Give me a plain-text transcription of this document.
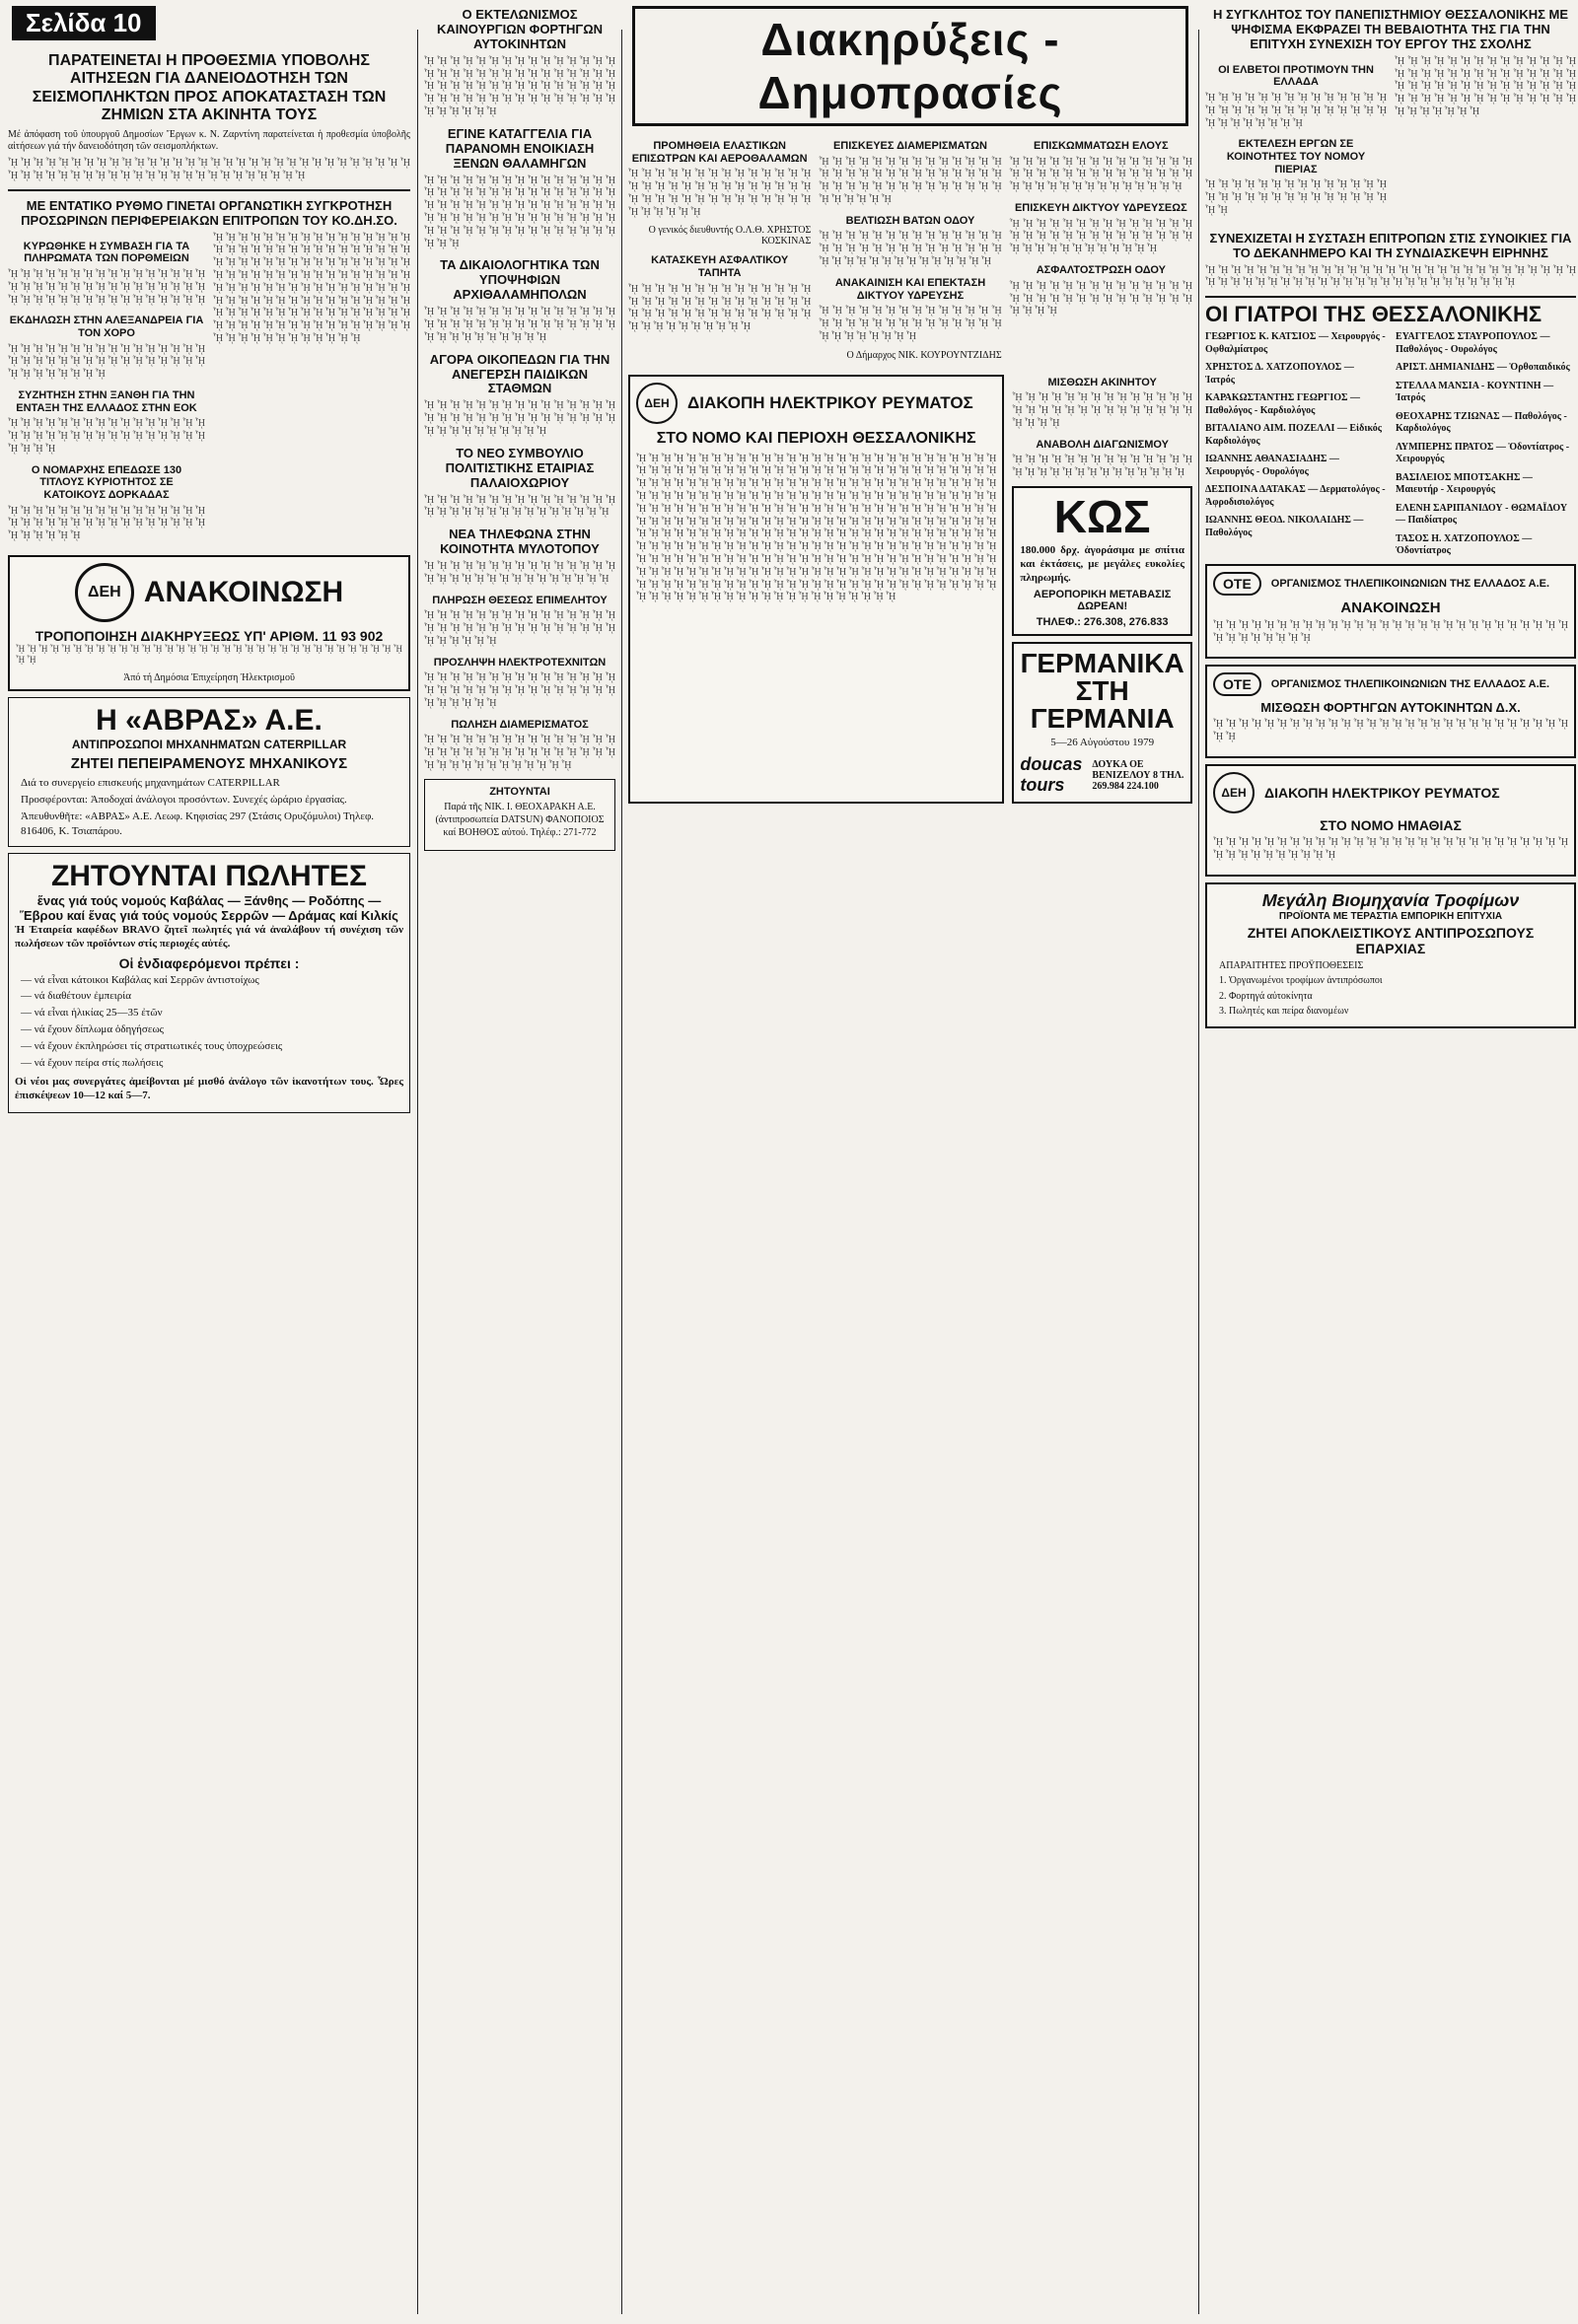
Σελίδα 10
ΠΑΡΑΤΕΙΝΕΤΑΙ Η ΠΡΟΘΕΣΜΙΑ ΥΠΟΒΟΛΗΣ ΑΙΤΗΣΕΩΝ ΓΙΑ ΔΑΝΕΙΟΔΟΤΗΣΗ ΤΩΝ ΣΕΙΣΜΟΠΛΗΚΤΩΝ ΠΡΟΣ ΑΠΟΚΑΤΑΣΤΑΣΗ ΤΩΝ ΖΗΜΙΩΝ ΣΤΑ ΑΚΙΝΗΤΑ ΤΟΥΣ

Μέ ἀπόφαση τοῦ ὑπουργοῦ Δημοσίων Ἔργων κ. Ν. Ζαρντίνη παρατείνεται ἡ προθεσμία ὑποβολῆς αἰτήσεων γιά τήν δανειοδότηση τῶν σεισμοπλήκτων.

ᾞ ᾞ ᾞ ᾞ ᾞ ᾞ ᾞ ᾞ ᾞ ᾞ ᾞ ᾞ ᾞ ᾞ ᾞ ᾞ ᾞ ᾞ ᾞ ᾞ ᾞ ᾞ ᾞ ᾞ ᾞ ᾞ ᾞ ᾞ ᾞ ᾞ ᾞ ᾞ ᾞ ᾞ ᾞ ᾞ ᾞ ᾞ ᾞ ᾞ ᾞ ᾞ ᾞ ᾞ ᾞ ᾞ ᾞ ᾞ ᾞ ᾞ ᾞ ᾞ ᾞ ᾞ ᾞ ᾞ

ΜΕ ΕΝΤΑΤΙΚΟ ΡΥΘΜΟ ΓΙΝΕΤΑΙ ΟΡΓΑΝΩΤΙΚΗ ΣΥΓΚΡΟΤΗΣΗ ΠΡΟΣΩΡΙΝΩΝ ΠΕΡΙΦΕΡΕΙΑΚΩΝ ΕΠΙΤΡΟΠΩΝ ΤΟΥ ΚΟ.ΔΗ.ΣΟ.
ΚΥΡΩΘΗΚΕ Η ΣΥΜΒΑΣΗ ΓΙΑ ΤΑ ΠΛΗΡΩΜΑΤΑ ΤΩΝ ΠΟΡΘΜΕΙΩΝ

ᾞ ᾞ ᾞ ᾞ ᾞ ᾞ ᾞ ᾞ ᾞ ᾞ ᾞ ᾞ ᾞ ᾞ ᾞ ᾞ ᾞ ᾞ ᾞ ᾞ ᾞ ᾞ ᾞ ᾞ ᾞ ᾞ ᾞ ᾞ ᾞ ᾞ ᾞ ᾞ ᾞ ᾞ ᾞ ᾞ ᾞ ᾞ ᾞ ᾞ ᾞ ᾞ ᾞ ᾞ ᾞ ᾞ ᾞ ᾞ

ΕΚΔΗΛΩΣΗ ΣΤΗΝ ΑΛΕΞΑΝΔΡΕΙΑ ΓΙΑ ΤΟΝ ΧΟΡΟ

ᾞ ᾞ ᾞ ᾞ ᾞ ᾞ ᾞ ᾞ ᾞ ᾞ ᾞ ᾞ ᾞ ᾞ ᾞ ᾞ ᾞ ᾞ ᾞ ᾞ ᾞ ᾞ ᾞ ᾞ ᾞ ᾞ ᾞ ᾞ ᾞ ᾞ ᾞ ᾞ ᾞ ᾞ ᾞ ᾞ ᾞ ᾞ ᾞ ᾞ

ΣΥΖΗΤΗΣΗ ΣΤΗΝ ΞΑΝΘΗ ΓΙΑ ΤΗΝ ΕΝΤΑΞΗ ΤΗΣ ΕΛΛΑΔΟΣ ΣΤΗΝ ΕΟΚ

ᾞ ᾞ ᾞ ᾞ ᾞ ᾞ ᾞ ᾞ ᾞ ᾞ ᾞ ᾞ ᾞ ᾞ ᾞ ᾞ ᾞ ᾞ ᾞ ᾞ ᾞ ᾞ ᾞ ᾞ ᾞ ᾞ ᾞ ᾞ ᾞ ᾞ ᾞ ᾞ ᾞ ᾞ ᾞ ᾞ

Ο ΝΟΜΑΡΧΗΣ ΕΠΕΔΩΣΕ 130 ΤΙΤΛΟΥΣ ΚΥΡΙΟΤΗΤΟΣ ΣΕ ΚΑΤΟΙΚΟΥΣ ΔΟΡΚΑΔΑΣ

ᾞ ᾞ ᾞ ᾞ ᾞ ᾞ ᾞ ᾞ ᾞ ᾞ ᾞ ᾞ ᾞ ᾞ ᾞ ᾞ ᾞ ᾞ ᾞ ᾞ ᾞ ᾞ ᾞ ᾞ ᾞ ᾞ ᾞ ᾞ ᾞ ᾞ ᾞ ᾞ ᾞ ᾞ ᾞ ᾞ ᾞ ᾞ

ᾞ ᾞ ᾞ ᾞ ᾞ ᾞ ᾞ ᾞ ᾞ ᾞ ᾞ ᾞ ᾞ ᾞ ᾞ ᾞ ᾞ ᾞ ᾞ ᾞ ᾞ ᾞ ᾞ ᾞ ᾞ ᾞ ᾞ ᾞ ᾞ ᾞ ᾞ ᾞ ᾞ ᾞ ᾞ ᾞ ᾞ ᾞ ᾞ ᾞ ᾞ ᾞ ᾞ ᾞ ᾞ ᾞ ᾞ ᾞ ᾞ ᾞ ᾞ ᾞ ᾞ ᾞ ᾞ ᾞ ᾞ ᾞ ᾞ ᾞ ᾞ ᾞ ᾞ ᾞ ᾞ ᾞ ᾞ ᾞ ᾞ ᾞ ᾞ ᾞ ᾞ ᾞ ᾞ ᾞ ᾞ ᾞ ᾞ ᾞ ᾞ ᾞ ᾞ ᾞ ᾞ ᾞ ᾞ ᾞ ᾞ ᾞ ᾞ ᾞ ᾞ ᾞ ᾞ ᾞ ᾞ ᾞ ᾞ ᾞ ᾞ ᾞ ᾞ ᾞ ᾞ ᾞ ᾞ ᾞ ᾞ ᾞ ᾞ ᾞ ᾞ ᾞ ᾞ ᾞ ᾞ ᾞ ᾞ ᾞ ᾞ ᾞ ᾞ ᾞ ᾞ ᾞ ᾞ ᾞ ᾞ ᾞ ᾞ ᾞ ᾞ ᾞ ᾞ ᾞ ᾞ ᾞ ᾞ ᾞ

ΔΕΗ ΑΝΑΚΟΙΝΩΣΗ
ΤΡΟΠΟΠΟΙΗΣΗ ΔΙΑΚΗΡΥΞΕΩΣ ΥΠ' ΑΡΙΘΜ. 11 93 902

ᾞ ᾞ ᾞ ᾞ ᾞ ᾞ ᾞ ᾞ ᾞ ᾞ ᾞ ᾞ ᾞ ᾞ ᾞ ᾞ ᾞ ᾞ ᾞ ᾞ ᾞ ᾞ ᾞ ᾞ ᾞ ᾞ ᾞ ᾞ ᾞ ᾞ ᾞ ᾞ ᾞ ᾞ ᾞ ᾞ

Ἀπό τή Δημόσια Ἐπιχείρηση Ἠλεκτρισμοῦ
Η «ΑΒΡΑΣ» Α.Ε.
ΑΝΤΙΠΡΟΣΩΠΟΙ ΜΗΧΑΝΗΜΑΤΩΝ CATERPILLAR
ΖΗΤΕΙ ΠΕΠΕΙΡΑΜΕΝΟΥΣ ΜΗΧΑΝΙΚΟΥΣ
Διά το συνεργείο επισκευής μηχανημάτων CATERPILLAR
Προσφέρονται: Ἀποδοχαί ἀνάλογοι προσόντων. Συνεχές ὡράριο ἐργασίας.
Ἀπευθυνθῆτε: «ΑΒΡΑΣ» Α.Ε. Λεωφ. Κηφισίας 297 (Στάσις Ορυζόμυλοι) Τηλεφ. 816406, Κ. Τσιαπάρου.
ΖΗΤΟΥΝΤΑΙ ΠΩΛΗΤΕΣ
ἕνας γιά τούς νομούς Καβάλας — Ξάνθης — Ροδόπης — Ἕβρου καί ἕνας γιά τούς νομούς Σερρῶν — Δράμας καί Κιλκίς

Ἡ Ἑταιρεία καφέδων BRAVO ζητεῖ πωλητές γιά νά ἀναλάβουν τή συνέχιση τῶν πωλήσεων τῶν προϊόντων στίς περιοχές αὐτές.

Οἱ ἐνδιαφερόμενοι πρέπει :
— νά εἶναι κάτοικοι Καβάλας καί Σερρῶν ἀντιστοίχως
— νά διαθέτουν ἐμπειρία
— νά εἶναι ἡλικίας 25—35 ἐτῶν
— νά ἔχουν δίπλωμα ὁδηγήσεως
— νά ἔχουν ἐκπληρώσει τίς στρατιωτικές τους ὑποχρεώσεις
— νά ἔχουν πείρα στίς πωλήσεις

Οἱ νέοι μας συνεργάτες ἀμείβονται μέ μισθό ἀνάλογο τῶν ἱκανοτήτων τους. Ὧρες ἐπισκέψεων 10—12 καί 5—7.

Ο ΕΚΤΕΛΩΝΙΣΜΟΣ ΚΑΙΝΟΥΡΓΙΩΝ ΦΟΡΤΗΓΩΝ ΑΥΤΟΚΙΝΗΤΩΝ

ᾞ ᾞ ᾞ ᾞ ᾞ ᾞ ᾞ ᾞ ᾞ ᾞ ᾞ ᾞ ᾞ ᾞ ᾞ ᾞ ᾞ ᾞ ᾞ ᾞ ᾞ ᾞ ᾞ ᾞ ᾞ ᾞ ᾞ ᾞ ᾞ ᾞ ᾞ ᾞ ᾞ ᾞ ᾞ ᾞ ᾞ ᾞ ᾞ ᾞ ᾞ ᾞ ᾞ ᾞ ᾞ ᾞ ᾞ ᾞ ᾞ ᾞ ᾞ ᾞ ᾞ ᾞ ᾞ ᾞ ᾞ ᾞ ᾞ ᾞ ᾞ ᾞ ᾞ ᾞ ᾞ ᾞ

ΕΓΙΝΕ ΚΑΤΑΓΓΕΛΙΑ ΓΙΑ ΠΑΡΑΝΟΜΗ ΕΝΟΙΚΙΑΣΗ ΞΕΝΩΝ ΘΑΛΑΜΗΓΩΝ

ᾞ ᾞ ᾞ ᾞ ᾞ ᾞ ᾞ ᾞ ᾞ ᾞ ᾞ ᾞ ᾞ ᾞ ᾞ ᾞ ᾞ ᾞ ᾞ ᾞ ᾞ ᾞ ᾞ ᾞ ᾞ ᾞ ᾞ ᾞ ᾞ ᾞ ᾞ ᾞ ᾞ ᾞ ᾞ ᾞ ᾞ ᾞ ᾞ ᾞ ᾞ ᾞ ᾞ ᾞ ᾞ ᾞ ᾞ ᾞ ᾞ ᾞ ᾞ ᾞ ᾞ ᾞ ᾞ ᾞ ᾞ ᾞ ᾞ ᾞ ᾞ ᾞ ᾞ ᾞ ᾞ ᾞ ᾞ ᾞ ᾞ ᾞ ᾞ ᾞ ᾞ ᾞ ᾞ ᾞ ᾞ ᾞ

ΤΑ ΔΙΚΑΙΟΛΟΓΗΤΙΚΑ ΤΩΝ ΥΠΟΨΗΦΙΩΝ ΑΡΧΙΘΑΛΑΜΗΠΟΛΩΝ

ᾞ ᾞ ᾞ ᾞ ᾞ ᾞ ᾞ ᾞ ᾞ ᾞ ᾞ ᾞ ᾞ ᾞ ᾞ ᾞ ᾞ ᾞ ᾞ ᾞ ᾞ ᾞ ᾞ ᾞ ᾞ ᾞ ᾞ ᾞ ᾞ ᾞ ᾞ ᾞ ᾞ ᾞ ᾞ ᾞ ᾞ ᾞ ᾞ ᾞ

ΑΓΟΡΑ ΟΙΚΟΠΕΔΩΝ ΓΙΑ ΤΗΝ ΑΝΕΓΕΡΣΗ ΠΑΙΔΙΚΩΝ ΣΤΑΘΜΩΝ

ᾞ ᾞ ᾞ ᾞ ᾞ ᾞ ᾞ ᾞ ᾞ ᾞ ᾞ ᾞ ᾞ ᾞ ᾞ ᾞ ᾞ ᾞ ᾞ ᾞ ᾞ ᾞ ᾞ ᾞ ᾞ ᾞ ᾞ ᾞ ᾞ ᾞ ᾞ ᾞ ᾞ ᾞ ᾞ ᾞ ᾞ ᾞ ᾞ ᾞ

ΤΟ ΝΕΟ ΣΥΜΒΟΥΛΙΟ ΠΟΛΙΤΙΣΤΙΚΗΣ ΕΤΑΙΡΙΑΣ ΠΑΛΑΙΟΧΩΡΙΟΥ

ᾞ ᾞ ᾞ ᾞ ᾞ ᾞ ᾞ ᾞ ᾞ ᾞ ᾞ ᾞ ᾞ ᾞ ᾞ ᾞ ᾞ ᾞ ᾞ ᾞ ᾞ ᾞ ᾞ ᾞ ᾞ ᾞ ᾞ ᾞ ᾞ ᾞ

ΝΕΑ ΤΗΛΕΦΩΝΑ ΣΤΗΝ ΚΟΙΝΟΤΗΤΑ ΜΥΛΟΤΟΠΟΥ

ᾞ ᾞ ᾞ ᾞ ᾞ ᾞ ᾞ ᾞ ᾞ ᾞ ᾞ ᾞ ᾞ ᾞ ᾞ ᾞ ᾞ ᾞ ᾞ ᾞ ᾞ ᾞ ᾞ ᾞ ᾞ ᾞ ᾞ ᾞ ᾞ ᾞ

ΠΛΗΡΩΣΗ ΘΕΣΕΩΣ ΕΠΙΜΕΛΗΤΟΥ

ᾞ ᾞ ᾞ ᾞ ᾞ ᾞ ᾞ ᾞ ᾞ ᾞ ᾞ ᾞ ᾞ ᾞ ᾞ ᾞ ᾞ ᾞ ᾞ ᾞ ᾞ ᾞ ᾞ ᾞ ᾞ ᾞ ᾞ ᾞ ᾞ ᾞ ᾞ ᾞ ᾞ ᾞ ᾞ ᾞ

ΠΡΟΣΛΗΨΗ ΗΛΕΚΤΡΟΤΕΧΝΙΤΩΝ

ᾞ ᾞ ᾞ ᾞ ᾞ ᾞ ᾞ ᾞ ᾞ ᾞ ᾞ ᾞ ᾞ ᾞ ᾞ ᾞ ᾞ ᾞ ᾞ ᾞ ᾞ ᾞ ᾞ ᾞ ᾞ ᾞ ᾞ ᾞ ᾞ ᾞ ᾞ ᾞ ᾞ ᾞ ᾞ ᾞ

ΠΩΛΗΣΗ ΔΙΑΜΕΡΙΣΜΑΤΟΣ

ᾞ ᾞ ᾞ ᾞ ᾞ ᾞ ᾞ ᾞ ᾞ ᾞ ᾞ ᾞ ᾞ ᾞ ᾞ ᾞ ᾞ ᾞ ᾞ ᾞ ᾞ ᾞ ᾞ ᾞ ᾞ ᾞ ᾞ ᾞ ᾞ ᾞ ᾞ ᾞ ᾞ ᾞ ᾞ ᾞ ᾞ ᾞ ᾞ ᾞ ᾞ ᾞ

ΖΗΤΟΥΝΤΑΙ

Παρά τῆς ΝΙΚ. Ι. ΘΕΟΧΑΡΑΚΗ Α.Ε. (ἀντιπροσωπεία DATSUN) ΦΑΝΟΠΟΙΟΣ καί ΒΟΗΘΟΣ αὐτού. Τηλέφ.: 271-772

Διακηρύξεις - Δημοπρασίες
ΠΡΟΜΗΘΕΙΑ ΕΛΑΣΤΙΚΩΝ ΕΠΙΣΩΤΡΩΝ ΚΑΙ ΑΕΡΟΘΑΛΑΜΩΝ

ᾞ ᾞ ᾞ ᾞ ᾞ ᾞ ᾞ ᾞ ᾞ ᾞ ᾞ ᾞ ᾞ ᾞ ᾞ ᾞ ᾞ ᾞ ᾞ ᾞ ᾞ ᾞ ᾞ ᾞ ᾞ ᾞ ᾞ ᾞ ᾞ ᾞ ᾞ ᾞ ᾞ ᾞ ᾞ ᾞ ᾞ ᾞ ᾞ ᾞ ᾞ ᾞ ᾞ ᾞ ᾞ ᾞ ᾞ ᾞ

Ο γενικός διευθυντής Ο.Λ.Θ. ΧΡΗΣΤΟΣ ΚΟΣΚΙΝΑΣ
ΚΑΤΑΣΚΕΥΗ ΑΣΦΑΛΤΙΚΟΥ ΤΑΠΗΤΑ

ᾞ ᾞ ᾞ ᾞ ᾞ ᾞ ᾞ ᾞ ᾞ ᾞ ᾞ ᾞ ᾞ ᾞ ᾞ ᾞ ᾞ ᾞ ᾞ ᾞ ᾞ ᾞ ᾞ ᾞ ᾞ ᾞ ᾞ ᾞ ᾞ ᾞ ᾞ ᾞ ᾞ ᾞ ᾞ ᾞ ᾞ ᾞ ᾞ ᾞ ᾞ ᾞ ᾞ ᾞ ᾞ ᾞ ᾞ ᾞ ᾞ ᾞ ᾞ ᾞ

ΕΠΙΣΚΕΥΕΣ ΔΙΑΜΕΡΙΣΜΑΤΩΝ

ᾞ ᾞ ᾞ ᾞ ᾞ ᾞ ᾞ ᾞ ᾞ ᾞ ᾞ ᾞ ᾞ ᾞ ᾞ ᾞ ᾞ ᾞ ᾞ ᾞ ᾞ ᾞ ᾞ ᾞ ᾞ ᾞ ᾞ ᾞ ᾞ ᾞ ᾞ ᾞ ᾞ ᾞ ᾞ ᾞ ᾞ ᾞ ᾞ ᾞ ᾞ ᾞ ᾞ ᾞ ᾞ ᾞ ᾞ ᾞ

ΒΕΛΤΙΩΣΗ ΒΑΤΩΝ ΟΔΟΥ

ᾞ ᾞ ᾞ ᾞ ᾞ ᾞ ᾞ ᾞ ᾞ ᾞ ᾞ ᾞ ᾞ ᾞ ᾞ ᾞ ᾞ ᾞ ᾞ ᾞ ᾞ ᾞ ᾞ ᾞ ᾞ ᾞ ᾞ ᾞ ᾞ ᾞ ᾞ ᾞ ᾞ ᾞ ᾞ ᾞ ᾞ ᾞ ᾞ ᾞ ᾞ ᾞ

ΑΝΑΚΑΙΝΙΣΗ ΚΑΙ ΕΠΕΚΤΑΣΗ ΔΙΚΤΥΟΥ ΥΔΡΕΥΣΗΣ

ᾞ ᾞ ᾞ ᾞ ᾞ ᾞ ᾞ ᾞ ᾞ ᾞ ᾞ ᾞ ᾞ ᾞ ᾞ ᾞ ᾞ ᾞ ᾞ ᾞ ᾞ ᾞ ᾞ ᾞ ᾞ ᾞ ᾞ ᾞ ᾞ ᾞ ᾞ ᾞ ᾞ ᾞ ᾞ ᾞ

Ο Δήμαρχος ΝΙΚ. ΚΟΥΡΟΥΝΤΖΙΔΗΣ
ΕΠΙΣΚΩΜΜΑΤΩΣΗ ΕΛΟΥΣ

ᾞ ᾞ ᾞ ᾞ ᾞ ᾞ ᾞ ᾞ ᾞ ᾞ ᾞ ᾞ ᾞ ᾞ ᾞ ᾞ ᾞ ᾞ ᾞ ᾞ ᾞ ᾞ ᾞ ᾞ ᾞ ᾞ ᾞ ᾞ ᾞ ᾞ ᾞ ᾞ ᾞ ᾞ ᾞ ᾞ ᾞ ᾞ ᾞ ᾞ ᾞ ᾞ

ΕΠΙΣΚΕΥΗ ΔΙΚΤΥΟΥ ΥΔΡΕΥΣΕΩΣ

ᾞ ᾞ ᾞ ᾞ ᾞ ᾞ ᾞ ᾞ ᾞ ᾞ ᾞ ᾞ ᾞ ᾞ ᾞ ᾞ ᾞ ᾞ ᾞ ᾞ ᾞ ᾞ ᾞ ᾞ ᾞ ᾞ ᾞ ᾞ ᾞ ᾞ ᾞ ᾞ ᾞ ᾞ ᾞ ᾞ ᾞ ᾞ ᾞ ᾞ

ΑΣΦΑΛΤΟΣΤΡΩΣΗ ΟΔΟΥ

ᾞ ᾞ ᾞ ᾞ ᾞ ᾞ ᾞ ᾞ ᾞ ᾞ ᾞ ᾞ ᾞ ᾞ ᾞ ᾞ ᾞ ᾞ ᾞ ᾞ ᾞ ᾞ ᾞ ᾞ ᾞ ᾞ ᾞ ᾞ ᾞ ᾞ ᾞ ᾞ

ΔΕΗ	ΔΙΑΚΟΠΗ ΗΛΕΚΤΡΙΚΟΥ ΡΕΥΜΑΤΟΣ
ΣΤΟ ΝΟΜΟ ΚΑΙ ΠΕΡΙΟΧΗ ΘΕΣΣΑΛΟΝΙΚΗΣ

ᾞ ᾞ ᾞ ᾞ ᾞ ᾞ ᾞ ᾞ ᾞ ᾞ ᾞ ᾞ ᾞ ᾞ ᾞ ᾞ ᾞ ᾞ ᾞ ᾞ ᾞ ᾞ ᾞ ᾞ ᾞ ᾞ ᾞ ᾞ ᾞ ᾞ ᾞ ᾞ ᾞ ᾞ ᾞ ᾞ ᾞ ᾞ ᾞ ᾞ ᾞ ᾞ ᾞ ᾞ ᾞ ᾞ ᾞ ᾞ ᾞ ᾞ ᾞ ᾞ ᾞ ᾞ ᾞ ᾞ ᾞ ᾞ ᾞ ᾞ ᾞ ᾞ ᾞ ᾞ ᾞ ᾞ ᾞ ᾞ ᾞ ᾞ ᾞ ᾞ ᾞ ᾞ ᾞ ᾞ ᾞ ᾞ ᾞ ᾞ ᾞ ᾞ ᾞ ᾞ ᾞ ᾞ ᾞ ᾞ ᾞ ᾞ ᾞ ᾞ ᾞ ᾞ ᾞ ᾞ ᾞ ᾞ ᾞ ᾞ ᾞ ᾞ ᾞ ᾞ ᾞ ᾞ ᾞ ᾞ ᾞ ᾞ ᾞ ᾞ ᾞ ᾞ ᾞ ᾞ ᾞ ᾞ ᾞ ᾞ ᾞ ᾞ ᾞ ᾞ ᾞ ᾞ ᾞ ᾞ ᾞ ᾞ ᾞ ᾞ ᾞ ᾞ ᾞ ᾞ ᾞ ᾞ ᾞ ᾞ ᾞ ᾞ ᾞ ᾞ ᾞ ᾞ ᾞ ᾞ ᾞ ᾞ ᾞ ᾞ ᾞ ᾞ ᾞ ᾞ ᾞ ᾞ ᾞ ᾞ ᾞ ᾞ ᾞ ᾞ ᾞ ᾞ ᾞ ᾞ ᾞ ᾞ ᾞ ᾞ ᾞ ᾞ ᾞ ᾞ ᾞ ᾞ ᾞ ᾞ ᾞ ᾞ ᾞ ᾞ ᾞ ᾞ ᾞ ᾞ ᾞ ᾞ ᾞ ᾞ ᾞ ᾞ ᾞ ᾞ ᾞ ᾞ ᾞ ᾞ ᾞ ᾞ ᾞ ᾞ ᾞ ᾞ ᾞ ᾞ ᾞ ᾞ ᾞ ᾞ ᾞ ᾞ ᾞ ᾞ ᾞ ᾞ ᾞ ᾞ ᾞ ᾞ ᾞ ᾞ ᾞ ᾞ ᾞ ᾞ ᾞ ᾞ ᾞ ᾞ ᾞ ᾞ ᾞ ᾞ ᾞ ᾞ ᾞ ᾞ ᾞ ᾞ ᾞ ᾞ ᾞ ᾞ ᾞ ᾞ ᾞ ᾞ ᾞ ᾞ ᾞ ᾞ ᾞ ᾞ ᾞ ᾞ ᾞ ᾞ ᾞ ᾞ ᾞ ᾞ ᾞ ᾞ ᾞ ᾞ ᾞ ᾞ ᾞ ᾞ ᾞ ᾞ ᾞ ᾞ ᾞ ᾞ ᾞ ᾞ ᾞ ᾞ ᾞ ᾞ ᾞ ᾞ ᾞ ᾞ ᾞ ᾞ ᾞ ᾞ ᾞ ᾞ ᾞ ᾞ ᾞ ᾞ ᾞ ᾞ ᾞ ᾞ ᾞ ᾞ ᾞ ᾞ ᾞ ᾞ ᾞ ᾞ ᾞ ᾞ ᾞ ᾞ ᾞ ᾞ ᾞ ᾞ ᾞ ᾞ ᾞ ᾞ ᾞ ᾞ ᾞ ᾞ ᾞ ᾞ ᾞ ᾞ ᾞ ᾞ ᾞ ᾞ ᾞ ᾞ ᾞ ᾞ ᾞ ᾞ

ΜΙΣΘΩΣΗ ΑΚΙΝΗΤΟΥ

ᾞ ᾞ ᾞ ᾞ ᾞ ᾞ ᾞ ᾞ ᾞ ᾞ ᾞ ᾞ ᾞ ᾞ ᾞ ᾞ ᾞ ᾞ ᾞ ᾞ ᾞ ᾞ ᾞ ᾞ ᾞ ᾞ ᾞ ᾞ ᾞ ᾞ ᾞ ᾞ

ΑΝΑΒΟΛΗ ΔΙΑΓΩΝΙΣΜΟΥ

ᾞ ᾞ ᾞ ᾞ ᾞ ᾞ ᾞ ᾞ ᾞ ᾞ ᾞ ᾞ ᾞ ᾞ ᾞ ᾞ ᾞ ᾞ ᾞ ᾞ ᾞ ᾞ ᾞ ᾞ ᾞ ᾞ ᾞ ᾞ

ΚΩΣ

180.000 δρχ. ἀγοράσιμα με σπίτια και ἐκτάσεις, με μεγάλες ευκολίες πληρωμής.

ΑΕΡΟΠΟΡΙΚΗ ΜΕΤΑΒΑΣΙΣ ΔΩΡΕΑΝ!
ΤΗΛΕΦ.: 276.308, 276.833
ΓΕΡΜΑΝΙΚΑ ΣΤΗ ΓΕΡΜΑΝΙΑ
5—26 Αὐγούστου 1979
doucas tours
ΔΟΥΚΑ ΟΕ ΒΕΝΙΖΕΛΟΥ 8 ΤΗΛ. 269.984 224.100
Η ΣΥΓΚΛΗΤΟΣ ΤΟΥ ΠΑΝΕΠΙΣΤΗΜΙΟΥ ΘΕΣΣΑΛΟΝΙΚΗΣ ΜΕ ΨΗΦΙΣΜΑ ΕΚΦΡΑΖΕΙ ΤΗ ΒΕΒΑΙΟΤΗΤΑ ΤΗΣ ΓΙΑ ΤΗΝ ΕΠΙΤΥΧΗ ΣΥΝΕΧΙΣΗ ΤΟΥ ΕΡΓΟΥ ΤΗΣ ΣΧΟΛΗΣ
ΟΙ ΕΛΒΕΤΟΙ ΠΡΟΤΙΜΟΥΝ ΤΗΝ ΕΛΛΑΔΑ

ᾞ ᾞ ᾞ ᾞ ᾞ ᾞ ᾞ ᾞ ᾞ ᾞ ᾞ ᾞ ᾞ ᾞ ᾞ ᾞ ᾞ ᾞ ᾞ ᾞ ᾞ ᾞ ᾞ ᾞ ᾞ ᾞ ᾞ ᾞ ᾞ ᾞ ᾞ ᾞ ᾞ ᾞ ᾞ ᾞ

ΕΚΤΕΛΕΣΗ ΕΡΓΩΝ ΣΕ ΚΟΙΝΟΤΗΤΕΣ ΤΟΥ ΝΟΜΟΥ ΠΙΕΡΙΑΣ

ᾞ ᾞ ᾞ ᾞ ᾞ ᾞ ᾞ ᾞ ᾞ ᾞ ᾞ ᾞ ᾞ ᾞ ᾞ ᾞ ᾞ ᾞ ᾞ ᾞ ᾞ ᾞ ᾞ ᾞ ᾞ ᾞ ᾞ ᾞ ᾞ ᾞ

ᾞ ᾞ ᾞ ᾞ ᾞ ᾞ ᾞ ᾞ ᾞ ᾞ ᾞ ᾞ ᾞ ᾞ ᾞ ᾞ ᾞ ᾞ ᾞ ᾞ ᾞ ᾞ ᾞ ᾞ ᾞ ᾞ ᾞ ᾞ ᾞ ᾞ ᾞ ᾞ ᾞ ᾞ ᾞ ᾞ ᾞ ᾞ ᾞ ᾞ ᾞ ᾞ ᾞ ᾞ ᾞ ᾞ ᾞ ᾞ ᾞ ᾞ ᾞ ᾞ ᾞ ᾞ ᾞ ᾞ ᾞ ᾞ ᾞ ᾞ ᾞ ᾞ ᾞ

ΣΥΝΕΧΙΖΕΤΑΙ Η ΣΥΣΤΑΣΗ ΕΠΙΤΡΟΠΩΝ ΣΤΙΣ ΣΥΝΟΙΚΙΕΣ ΓΙΑ ΤΟ ΔΕΚΑΝΗΜΕΡΟ ΚΑΙ ΤΗ ΣΥΝΔΙΑΣΚΕΨΗ ΕΙΡΗΝΗΣ

ᾞ ᾞ ᾞ ᾞ ᾞ ᾞ ᾞ ᾞ ᾞ ᾞ ᾞ ᾞ ᾞ ᾞ ᾞ ᾞ ᾞ ᾞ ᾞ ᾞ ᾞ ᾞ ᾞ ᾞ ᾞ ᾞ ᾞ ᾞ ᾞ ᾞ ᾞ ᾞ ᾞ ᾞ ᾞ ᾞ ᾞ ᾞ ᾞ ᾞ ᾞ ᾞ ᾞ ᾞ ᾞ ᾞ ᾞ ᾞ ᾞ ᾞ ᾞ ᾞ ᾞ ᾞ

ΟΙ ΓΙΑΤΡΟΙ ΤΗΣ ΘΕΣΣΑΛΟΝΙΚΗΣ
ΓΕΩΡΓΙΟΣ Κ. ΚΑΤΣΙΟΣ — Χειρουργός - Οφθαλμίατρος
ΧΡΗΣΤΟΣ Δ. ΧΑΤΖΟΠΟΥΛΟΣ — Ἰατρός
ΚΑΡΑΚΩΣΤΑΝΤΗΣ ΓΕΩΡΓΙΟΣ — Παθολόγος - Καρδιολόγος
ΒΙΤΑΛΙΑΝΟ ΑΙΜ. ΠΟΖΕΛΛΙ — Εἰδικός Καρδιολόγος
ΙΩΑΝΝΗΣ ΑΘΑΝΑΣΙΑΔΗΣ — Χειρουργός - Ουρολόγος
ΔΕΣΠΟΙΝΑ ΔΑΤΑΚΑΣ — Δερματολόγος - Ἀφροδισιολόγος
ΙΩΑΝΝΗΣ ΘΕΟΔ. ΝΙΚΟΛΑΙΔΗΣ — Παθολόγος
ΕΥΑΓΓΕΛΟΣ ΣΤΑΥΡΟΠΟΥΛΟΣ — Παθολόγος - Ουρολόγος
ΑΡΙΣΤ. ΔΗΜΙΑΝΙΔΗΣ — Ὀρθοπαιδικός
ΣΤΕΛΛΑ ΜΑΝΣΙΑ - ΚΟΥΝΤΙΝΗ — Ἰατρός
ΘΕΟΧΑΡΗΣ ΤΖΙΩΝΑΣ — Παθολόγος - Καρδιολόγος
ΛΥΜΠΕΡΗΣ ΠΡΑΤΟΣ — Ὀδοντίατρος - Χειρουργός
ΒΑΣΙΛΕΙΟΣ ΜΠΟΤΣΑΚΗΣ — Μαιευτήρ - Χειρουργός
ΕΛΕΝΗ ΣΑΡΙΠΑΝΙΔΟΥ - ΘΩΜΑΪΔΟΥ — Παιδίατρος
ΤΑΣΟΣ Η. ΧΑΤΖΟΠΟΥΛΟΣ — Ὀδοντίατρος
ΟΤΕ	ΟΡΓΑΝΙΣΜΟΣ ΤΗΛΕΠΙΚΟΙΝΩΝΙΩΝ ΤΗΣ ΕΛΛΑΔΟΣ Α.Ε.
ΑΝΑΚΟΙΝΩΣΗ

ᾞ ᾞ ᾞ ᾞ ᾞ ᾞ ᾞ ᾞ ᾞ ᾞ ᾞ ᾞ ᾞ ᾞ ᾞ ᾞ ᾞ ᾞ ᾞ ᾞ ᾞ ᾞ ᾞ ᾞ ᾞ ᾞ ᾞ ᾞ ᾞ ᾞ ᾞ ᾞ ᾞ ᾞ ᾞ ᾞ

ΟΤΕ	ΟΡΓΑΝΙΣΜΟΣ ΤΗΛΕΠΙΚΟΙΝΩΝΙΩΝ ΤΗΣ ΕΛΛΑΔΟΣ Α.Ε.
ΜΙΣΘΩΣΗ ΦΟΡΤΗΓΩΝ ΑΥΤΟΚΙΝΗΤΩΝ Δ.Χ.

ᾞ ᾞ ᾞ ᾞ ᾞ ᾞ ᾞ ᾞ ᾞ ᾞ ᾞ ᾞ ᾞ ᾞ ᾞ ᾞ ᾞ ᾞ ᾞ ᾞ ᾞ ᾞ ᾞ ᾞ ᾞ ᾞ ᾞ ᾞ ᾞ ᾞ

ΔΕΗ	ΔΙΑΚΟΠΗ ΗΛΕΚΤΡΙΚΟΥ ΡΕΥΜΑΤΟΣ
ΣΤΟ ΝΟΜΟ ΗΜΑΘΙΑΣ

ᾞ ᾞ ᾞ ᾞ ᾞ ᾞ ᾞ ᾞ ᾞ ᾞ ᾞ ᾞ ᾞ ᾞ ᾞ ᾞ ᾞ ᾞ ᾞ ᾞ ᾞ ᾞ ᾞ ᾞ ᾞ ᾞ ᾞ ᾞ ᾞ ᾞ ᾞ ᾞ ᾞ ᾞ ᾞ ᾞ ᾞ ᾞ

Μεγάλη Βιομηχανία Τροφίμων
ΠΡΟΪΟΝΤΑ ΜΕ ΤΕΡΑΣΤΙΑ ΕΜΠΟΡΙΚΗ ΕΠΙΤΥΧΙΑ
ΖΗΤΕΙ ΑΠΟΚΛΕΙΣΤΙΚΟΥΣ ΑΝΤΙΠΡΟΣΩΠΟΥΣ ΕΠΑΡΧΙΑΣ
ΑΠΑΡΑΙΤΗΤΕΣ ΠΡΟΫΠΟΘΕΣΕΙΣ
1. Ὀργανωμένοι τροφίμων ἀντιπρόσωποι
2. Φορτηγά αὐτοκίνητα
3. Πωλητές και πείρα διανομέων
